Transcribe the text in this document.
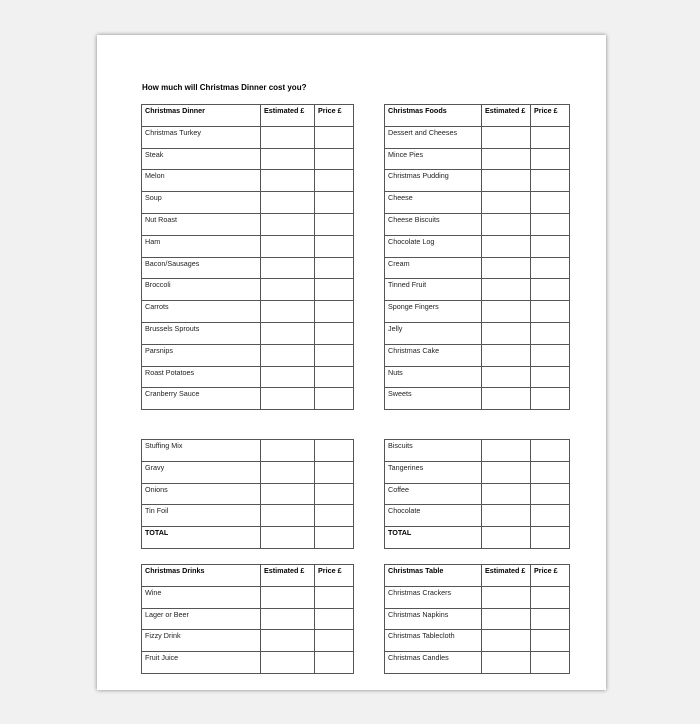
How much will Christmas Dinner cost you?
Christmas Dinner	Estimated £	Price £
Christmas Turkey		
Steak		
Melon		
Soup		
Nut Roast		
Ham		
Bacon/Sausages		
Broccoli		
Carrots		
Brussels Sprouts		
Parsnips		
Roast Potatoes		
Cranberry Sauce		
Christmas Foods	Estimated £	Price £
Dessert and Cheeses		
Mince Pies		
Christmas Pudding		
Cheese		
Cheese Biscuits		
Chocolate Log		
Cream		
Tinned Fruit		
Sponge Fingers		
Jelly		
Christmas Cake		
Nuts		
Sweets		
Stuffing Mix		
Gravy		
Onions		
Tin Foil		
TOTAL		
Biscuits		
Tangerines		
Coffee		
Chocolate		
TOTAL		
Christmas Drinks	Estimated £	Price £
Wine		
Lager or Beer		
Fizzy Drink		
Fruit Juice		
Christmas Table	Estimated £	Price £
Christmas Crackers		
Christmas Napkins		
Christmas Tablecloth		
Christmas Candles		
